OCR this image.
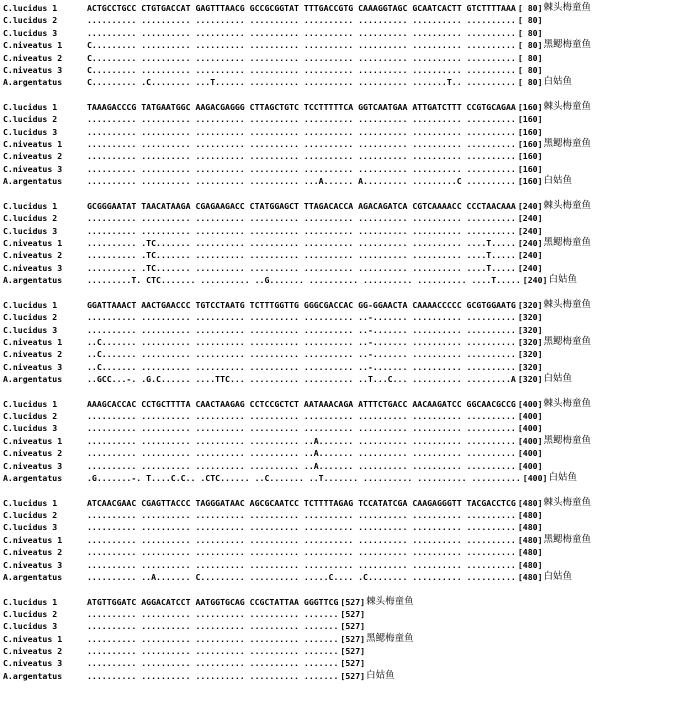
C.lucidus 1	ACTGCCTGCC CTGTGACCAT GAGTTTAACG GCCGCGGTAT TTTGACCGTG CAAAGGTAGC GCAATCACTT GTCTTTTAAA [ 80] 棘头梅童鱼
C.lucidus 2	.......... .......... .......... .......... .......... .......... .......... .......... [ 80]
C.lucidus 3	.......... .......... .......... .......... .......... .......... .......... .......... [ 80]
C.niveatus 1	C......... .......... .......... .......... .......... .......... .......... .......... [ 80] 黑鳃梅童鱼
C.niveatus 2	C......... .......... .......... .......... .......... .......... .......... .......... [ 80]
C.niveatus 3	C......... .......... .......... .......... .......... .......... .......... .......... [ 80]
A.argentatus	C......... .C........ ...T...... .......... .......... .......... .......T.. .......... [ 80] 白姑鱼
C.lucidus 1	TAAAGACCCG TATGAATGGC AAGACGAGGG CTTAGCTGTC TCCTTTTTCA GGTCAATGAA ATTGATCTTT CCGTGCAGAA [160] 棘头梅童鱼
C.lucidus 2	.......... .......... .......... .......... .......... .......... .......... .......... [160]
C.lucidus 3	.......... .......... .......... .......... .......... .......... .......... .......... [160]
C.niveatus 1	.......... .......... .......... .......... .......... .......... .......... .......... [160] 黑鳃梅童鱼
C.niveatus 2	.......... .......... .......... .......... .......... .......... .......... .......... [160]
C.niveatus 3	.......... .......... .......... .......... .......... .......... .......... .......... [160]
A.argentatus	.......... .......... .......... .......... ...A...... A......... .........C .......... [160] 白姑鱼
C.lucidus 1	GCGGGAATAT TAACATAAGA CGAGAAGACC CTATGGAGCT TTAGACACCA AGACAGATCA CGTCAAAACC CCCTAACAAA [240] 棘头梅童鱼
C.lucidus 2	.......... .......... .......... .......... .......... .......... .......... .......... [240]
C.lucidus 3	.......... .......... .......... .......... .......... .......... .......... .......... [240]
C.niveatus 1	.......... .TC....... .......... .......... .......... .......... .......... ....T..... [240] 黑鳃梅童鱼
C.niveatus 2	.......... .TC....... .......... .......... .......... .......... .......... ....T..... [240]
C.niveatus 3	.......... .TC....... .......... .......... .......... .......... .......... ....T..... [240]
A.argentatus	.........T. CTC....... .......... ..G....... .......... .......... .......... ....T..... [240] 白姑鱼
C.lucidus 1	GGATTAAACT AACTGAACCC TGTCCTAATG TCTTTGGTTG GGGCGACCAC GG-GGAACTA CAAAACCCCC GCGTGGAATG [320] 棘头梅童鱼
C.lucidus 2	.......... .......... .......... .......... .......... ..-....... .......... .......... [320]
C.lucidus 3	.......... .......... .......... .......... .......... ..-....... .......... .......... [320]
C.niveatus 1	..C....... .......... .......... .......... .......... ..-....... .......... .......... [320] 黑鳃梅童鱼
C.niveatus 2	..C....... .......... .......... .......... .......... ..-....... .......... .......... [320]
C.niveatus 3	..C....... .......... .......... .......... .......... ..-....... .......... .......... [320]
A.argentatus	..GCC...-. .G.C...... ....TTC... .......... .......... ..T...C... .......... .........A [320] 白姑鱼
C.lucidus 1	AAAGCACCAC CCTGCTTTTA CAACTAAGAG CCTCCGCTCT AATAAACAGA ATTTCTGACC AACAAGATCC GGCAACGCCG [400] 棘头梅童鱼
C.lucidus 2	.......... .......... .......... .......... .......... .......... .......... .......... [400]
C.lucidus 3	.......... .......... .......... .......... .......... .......... .......... .......... [400]
C.niveatus 1	.......... .......... .......... .......... ..A....... .......... .......... .......... [400] 黑鳃梅童鱼
C.niveatus 2	.......... .......... .......... .......... ..A....... .......... .......... .......... [400]
C.niveatus 3	.......... .......... .......... .......... ..A....... .......... .......... .......... [400]
A.argentatus	.G.......-. T....C.C.. .CTC...... ..C....... ..T....... .......... .......... .......... [400] 白姑鱼
C.lucidus 1	ATCAACGAAC CGAGTTACCC TAGGGATAAC AGCGCAATCC TCTTTTAGAG TCCATATCGA CAAGAGGGTT TACGACCTCG [480] 棘头梅童鱼
C.lucidus 2	.......... .......... .......... .......... .......... .......... .......... .......... [480]
C.lucidus 3	.......... .......... .......... .......... .......... .......... .......... .......... [480]
C.niveatus 1	.......... .......... .......... .......... .......... .......... .......... .......... [480] 黑鳃梅童鱼
C.niveatus 2	.......... .......... .......... .......... .......... .......... .......... .......... [480]
C.niveatus 3	.......... .......... .......... .......... .......... .......... .......... .......... [480]
A.argentatus	.......... ..A....... C......... .......... .....C.... .C........ .......... .......... [480] 白姑鱼
C.lucidus 1	ATGTTGGATC AGGACATCCT AATGGTGCAG CCGCTATTAA GGGTTCG [527] 棘头梅童鱼
C.lucidus 2	.......... .......... .......... .......... ....... [527]
C.lucidus 3	.......... .......... .......... .......... ....... [527]
C.niveatus 1	.......... .......... .......... .......... ....... [527] 黑鳃梅童鱼
C.niveatus 2	.......... .......... .......... .......... ....... [527]
C.niveatus 3	.......... .......... .......... .......... ....... [527]
A.argentatus	.......... .......... .......... .......... ....... [527] 白姑鱼
